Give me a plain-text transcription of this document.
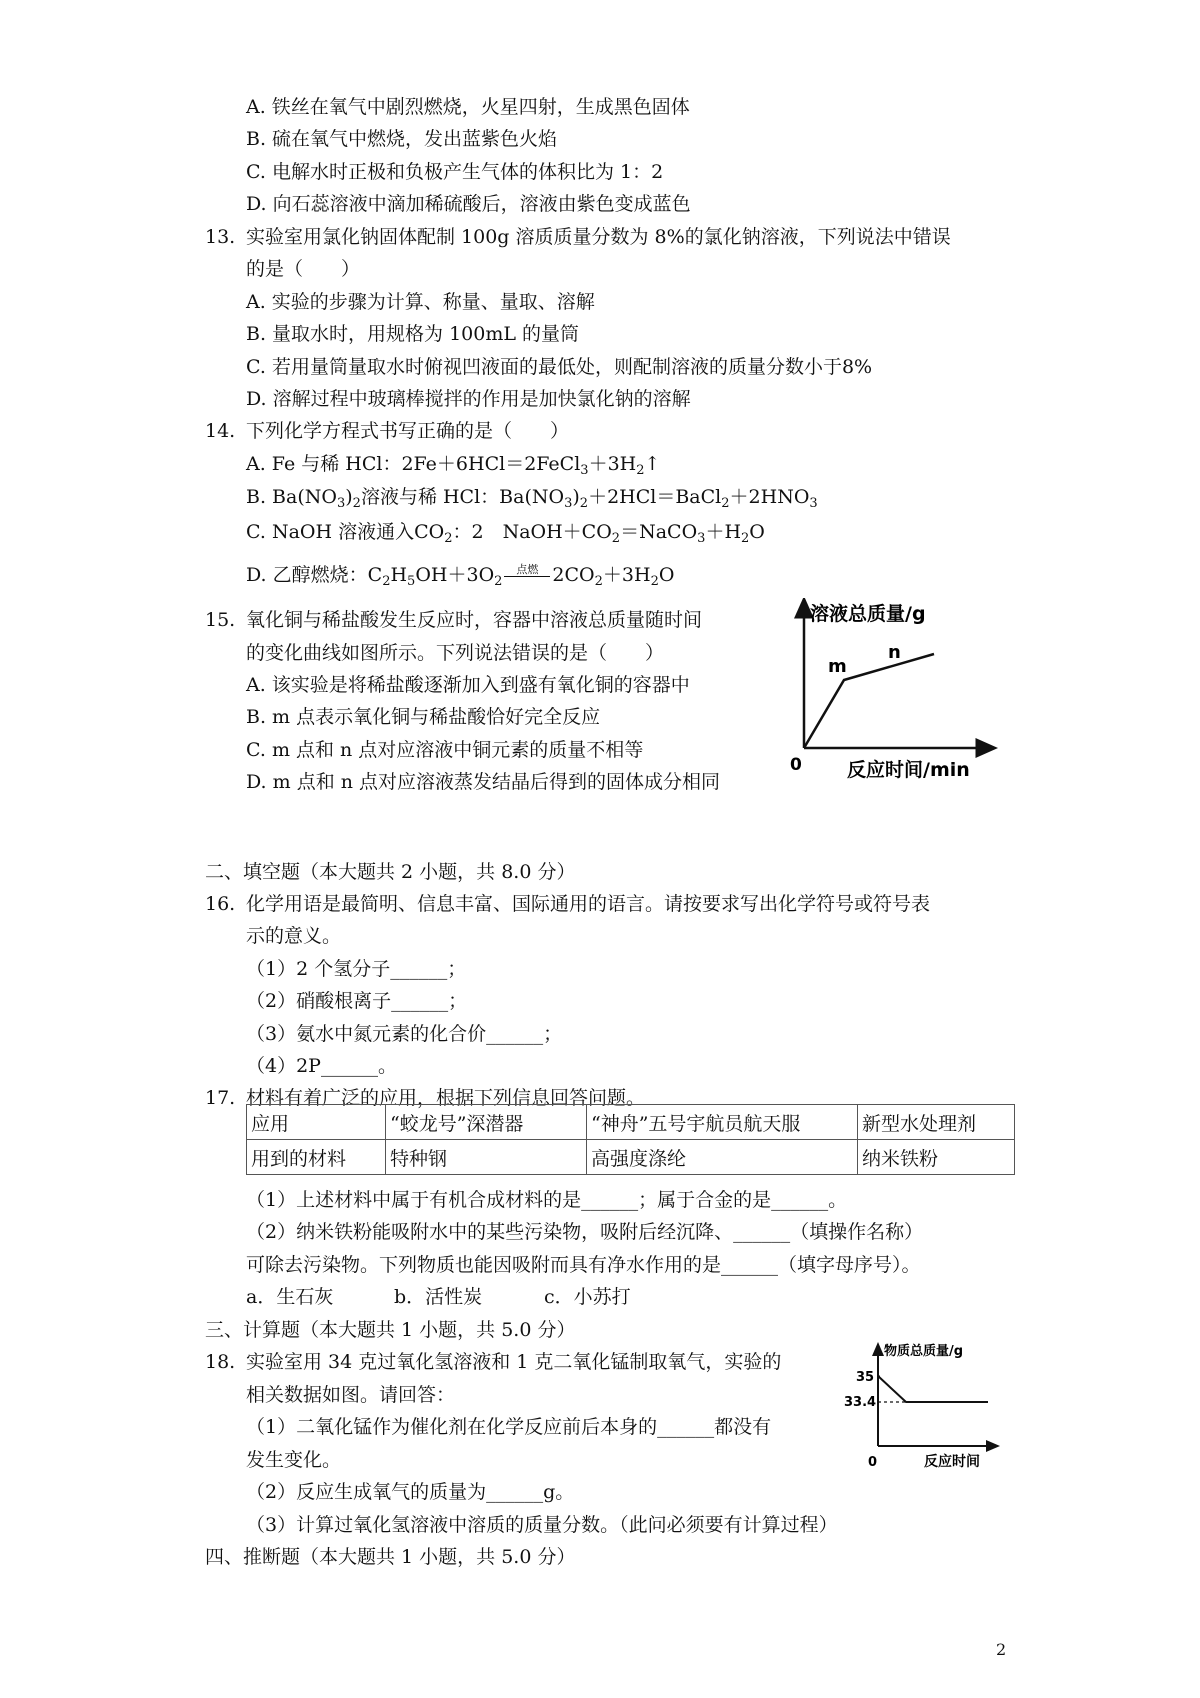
A. 铁丝在氧气中剧烈燃烧，火星四射，生成黑色固体
B. 硫在氧气中燃烧，发出蓝紫色火焰
C. 电解水时正极和负极产生气体的体积比为 1：2
D. 向石蕊溶液中滴加稀硫酸后，溶液由紫色变成蓝色
13. 实验室用氯化钠固体配制 100g 溶质质量分数为 8%的氯化钠溶液，下列说法中错误
的是（　　）
A. 实验的步骤为计算、称量、量取、溶解
B. 量取水时，用规格为 100mL 的量筒
C. 若用量筒量取水时俯视凹液面的最低处，则配制溶液的质量分数小于8%
D. 溶解过程中玻璃棒搅拌的作用是加快氯化钠的溶解
14. 下列化学方程式书写正确的是（　　）
A. Fe 与稀 HCl：$2Fe+6HCl=2FeCl_3+3H_2↑$
B. $Ba(NO_3)_2$溶液与稀 HCl：$Ba(NO_3)_2+2HCl=BaCl_2+2HNO_3$
C. NaOH 溶液通入$CO_2$：2　$NaOH+CO_2=NaCO_3+H_2O$
D. 乙醇燃烧：$C_2H_5OH+3O_2$
点燃 $2CO_2+3H_2O$
15. 氧化铜与稀盐酸发生反应时，容器中溶液总质量随时间
的变化曲线如图所示。下列说法错误的是（　　）
A. 该实验是将稀盐酸逐渐加入到盛有氧化铜的容器中
B. m 点表示氧化铜与稀盐酸恰好完全反应
C. m 点和 n 点对应溶液中铜元素的质量不相等
D. m 点和 n 点对应溶液蒸发结晶后得到的固体成分相同
溶液总质量/g
反应时间/min
0
m
n
二、填空题（本大题共 2 小题，共 8.0 分）
16. 化学用语是最简明、信息丰富、国际通用的语言。请按要求写出化学符号或符号表
示的意义。
（1）2 个氢分子______；
（2）硝酸根离子______；
（3）氨水中氮元素的化合价______；
（4）2P______。
17. 材料有着广泛的应用，根据下列信息回答问题。
应用	“蛟龙号”深潜器	“神舟”五号宇航员航天服	新型水处理剂
用到的材料	特种钢	高强度涤纶	纳米铁粉
（1）上述材料中属于有机合成材料的是______；属于合金的是______。
（2）纳米铁粉能吸附水中的某些污染物，吸附后经沉降、______（填操作名称）
可除去污染物。下列物质也能因吸附而具有净水作用的是______（填字母序号）。
a．生石灰	b．活性炭	c．小苏打
三、计算题（本大题共 1 小题，共 5.0 分）
18. 实验室用 34 克过氧化氢溶液和 1 克二氧化锰制取氧气，实验的
相关数据如图。请回答：
（1）二氧化锰作为催化剂在化学反应前后本身的______都没有
发生变化。
（2）反应生成氧气的质量为______g。
（3）计算过氧化氢溶液中溶质的质量分数。（此问必须要有计算过程）
物质总质量/g
35
33.4
0	反应时间
四、推断题（本大题共 1 小题，共 5.0 分）
2
